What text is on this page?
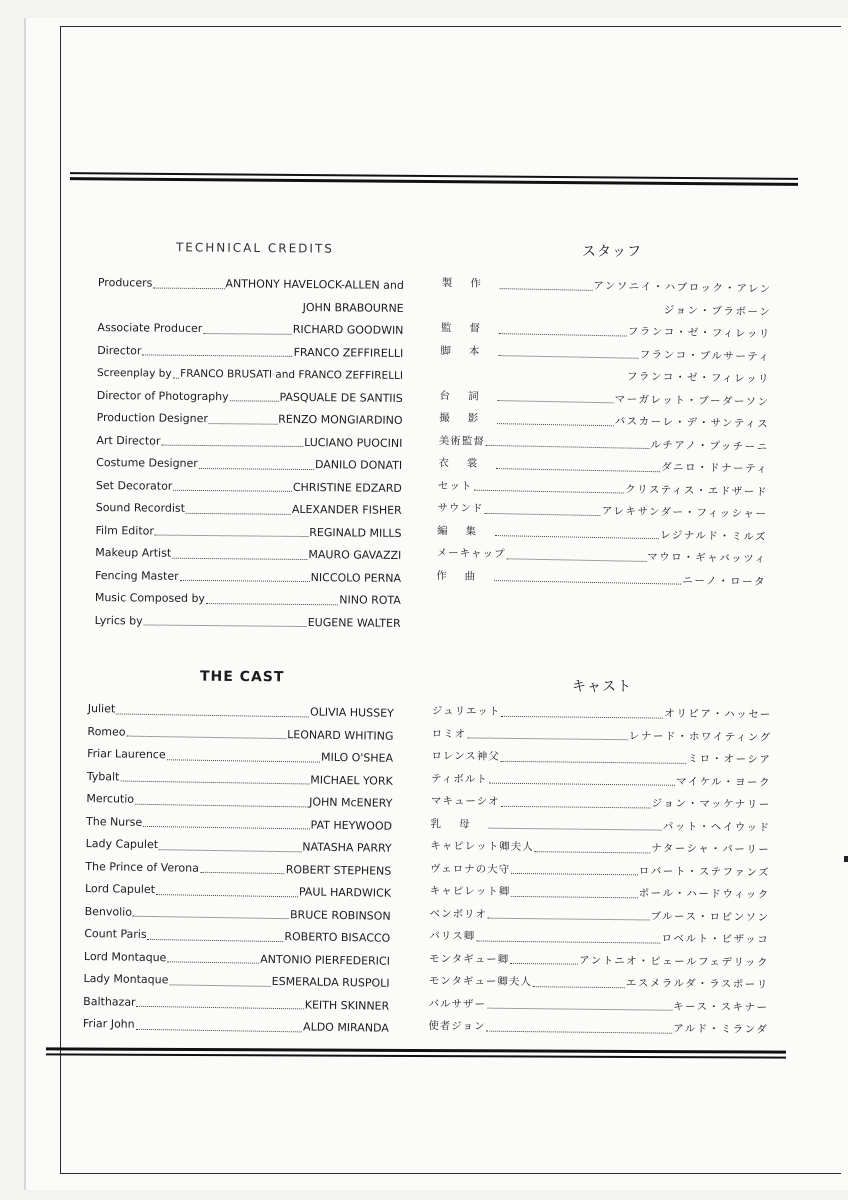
TECHNICAL CREDITS	スタッフ
THE CAST
キャスト
Producers	ANTHONY HAVELOCK-ALLEN and
JOHN BRABOURNE
Associate Producer	RICHARD GOODWIN
Director	FRANCO ZEFFIRELLI
Screenplay by FRANCO BRUSATI and FRANCO ZEFFIRELLI
Director of Photography	PASQUALE DE SANTIIS
Production Designer	RENZO MONGIARDINO
Art Director	LUCIANO PUOCINI
Costume Designer	DANILO DONATI
Set Decorator	CHRISTINE EDZARD
Sound Recordist	ALEXANDER FISHER
Film Editor	REGINALD MILLS
Makeup Artist	MAURO GAVAZZI
Fencing Master	NICCOLO PERNA
Music Composed by	NINO ROTA
Lyrics by	EUGENE WALTER
製作	アンソニイ・ハブロック・アレン
ジョン・ブラボーン
監督	フランコ・ゼ・フィレッリ
脚本	フランコ・ブルサーティ
フランコ・ゼ・フィレッリ
台詞	マーガレット・ブーダーソン
撮影	パスカーレ・デ・サンティス
美術監督	ルチアノ・プッチーニ
衣裳	ダニロ・ドナーティ
セット	クリスティス・エドザード
サウンド	アレキサンダー・フィッシャー
編集	レジナルド・ミルズ
メーキャップ	マウロ・ギャバッツィ
作曲	ニーノ・ロータ
Juliet	OLIVIA HUSSEY
Romeo	LEONARD WHITING
Friar Laurence	MILO O'SHEA
Tybalt	MICHAEL YORK
Mercutio	JOHN McENERY
The Nurse	PAT HEYWOOD
Lady Capulet	NATASHA PARRY
The Prince of Verona	ROBERT STEPHENS
Lord Capulet	PAUL HARDWICK
Benvolio	BRUCE ROBINSON
Count Paris	ROBERTO BISACCO
Lord Montaque	ANTONIO PIERFEDERICI
Lady Montaque	ESMERALDA RUSPOLI
Balthazar	KEITH SKINNER
Friar John	ALDO MIRANDA
ジュリエット	オリビア・ハッセー
ロミオ	レナード・ホワイティング
ロレンス神父	ミロ・オーシア
ティボルト	マイケル・ヨーク
マキューシオ	ジョン・マッケナリー
乳母	パット・ヘイウッド
キャピレット卿夫人	ナターシャ・パーリー
ヴェロナの大守	ロバート・ステファンズ
キャピレット卿	ポール・ハードウィック
ベンボリオ	ブルース・ロビンソン
パリス卿	ロベルト・ビザッコ
モンタギュー卿	アントニオ・ピェールフェデリック
モンタギュー卿夫人	エスメラルダ・ラスポーリ
バルサザー	キース・スキナー
使者ジョン	アルド・ミランダ
